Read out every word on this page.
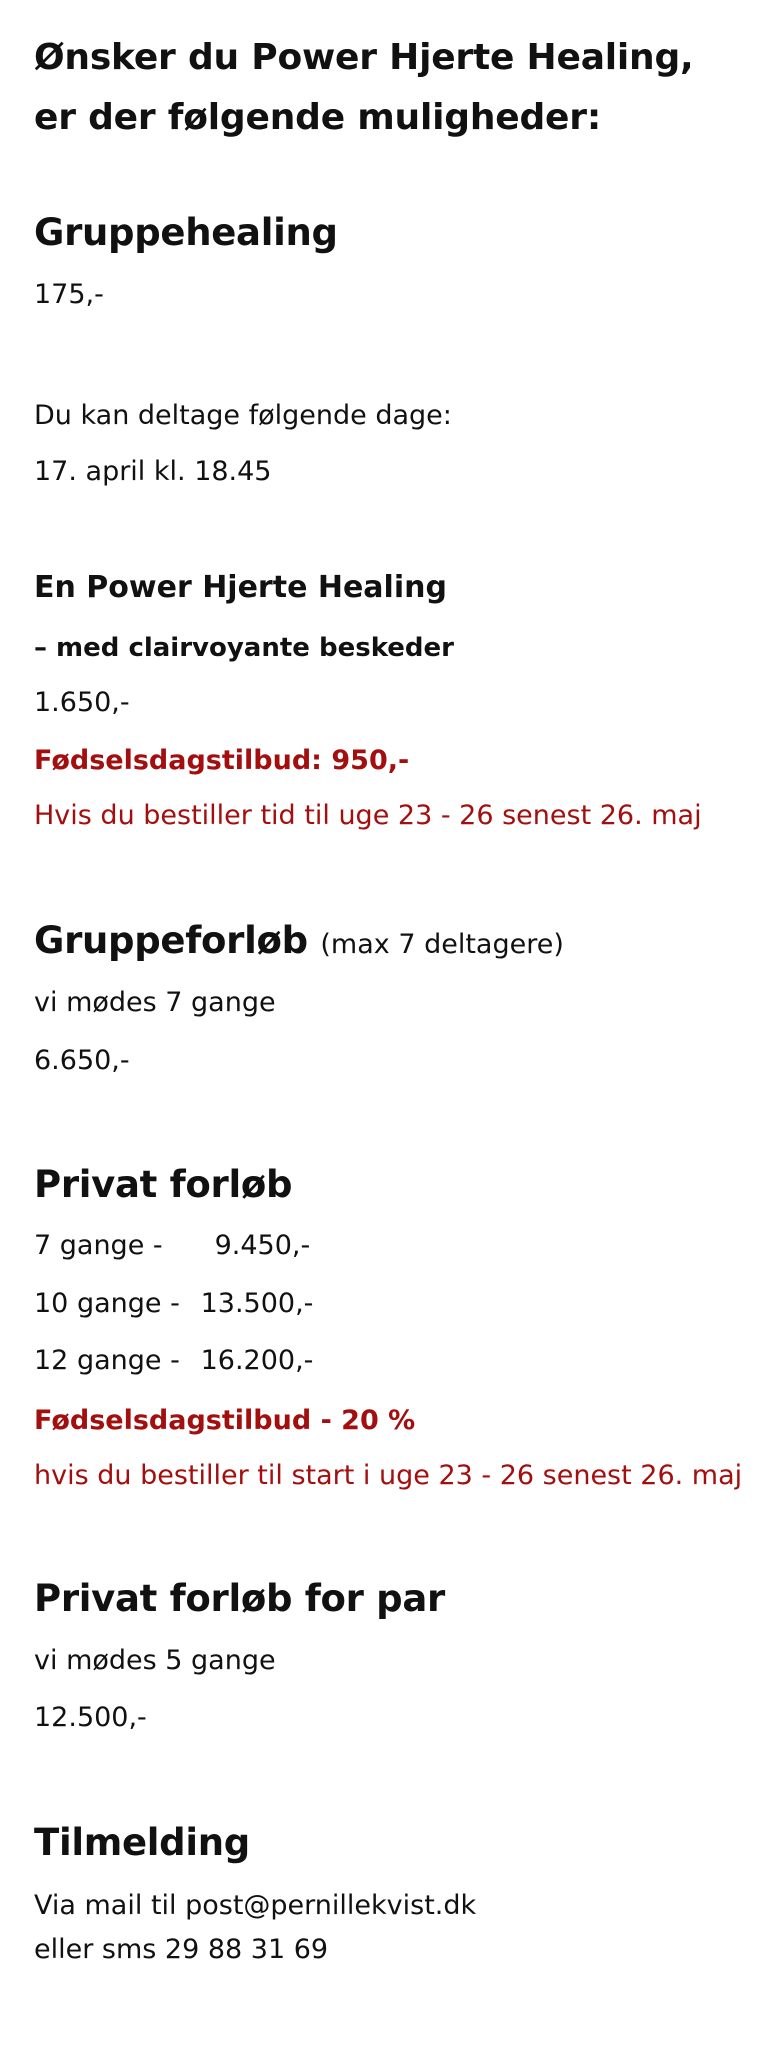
Ønsker du Power Hjerte Healing, er der følgende muligheder:
Gruppehealing

175,-

Du kan deltage følgende dage:

17. april kl. 18.45

En Power Hjerte Healing
– med clairvoyante beskeder

1.650,-

Fødselsdagstilbud: 950,-

Hvis du bestiller tid til uge 23 - 26 senest 26. maj

Gruppeforløb (max 7 deltagere)

vi mødes 7 gange

6.650,-

Privat forløb
7 gange - 9.450,-
10 gange - 13.500,-
12 gange - 16.200,-

Fødselsdagstilbud - 20 %

hvis du bestiller til start i uge 23 - 26 senest 26. maj

Privat forløb for par

vi mødes 5 gange

12.500,-

Tilmelding

Via mail til post@pernillekvist.dk

eller sms 29 88 31 69
